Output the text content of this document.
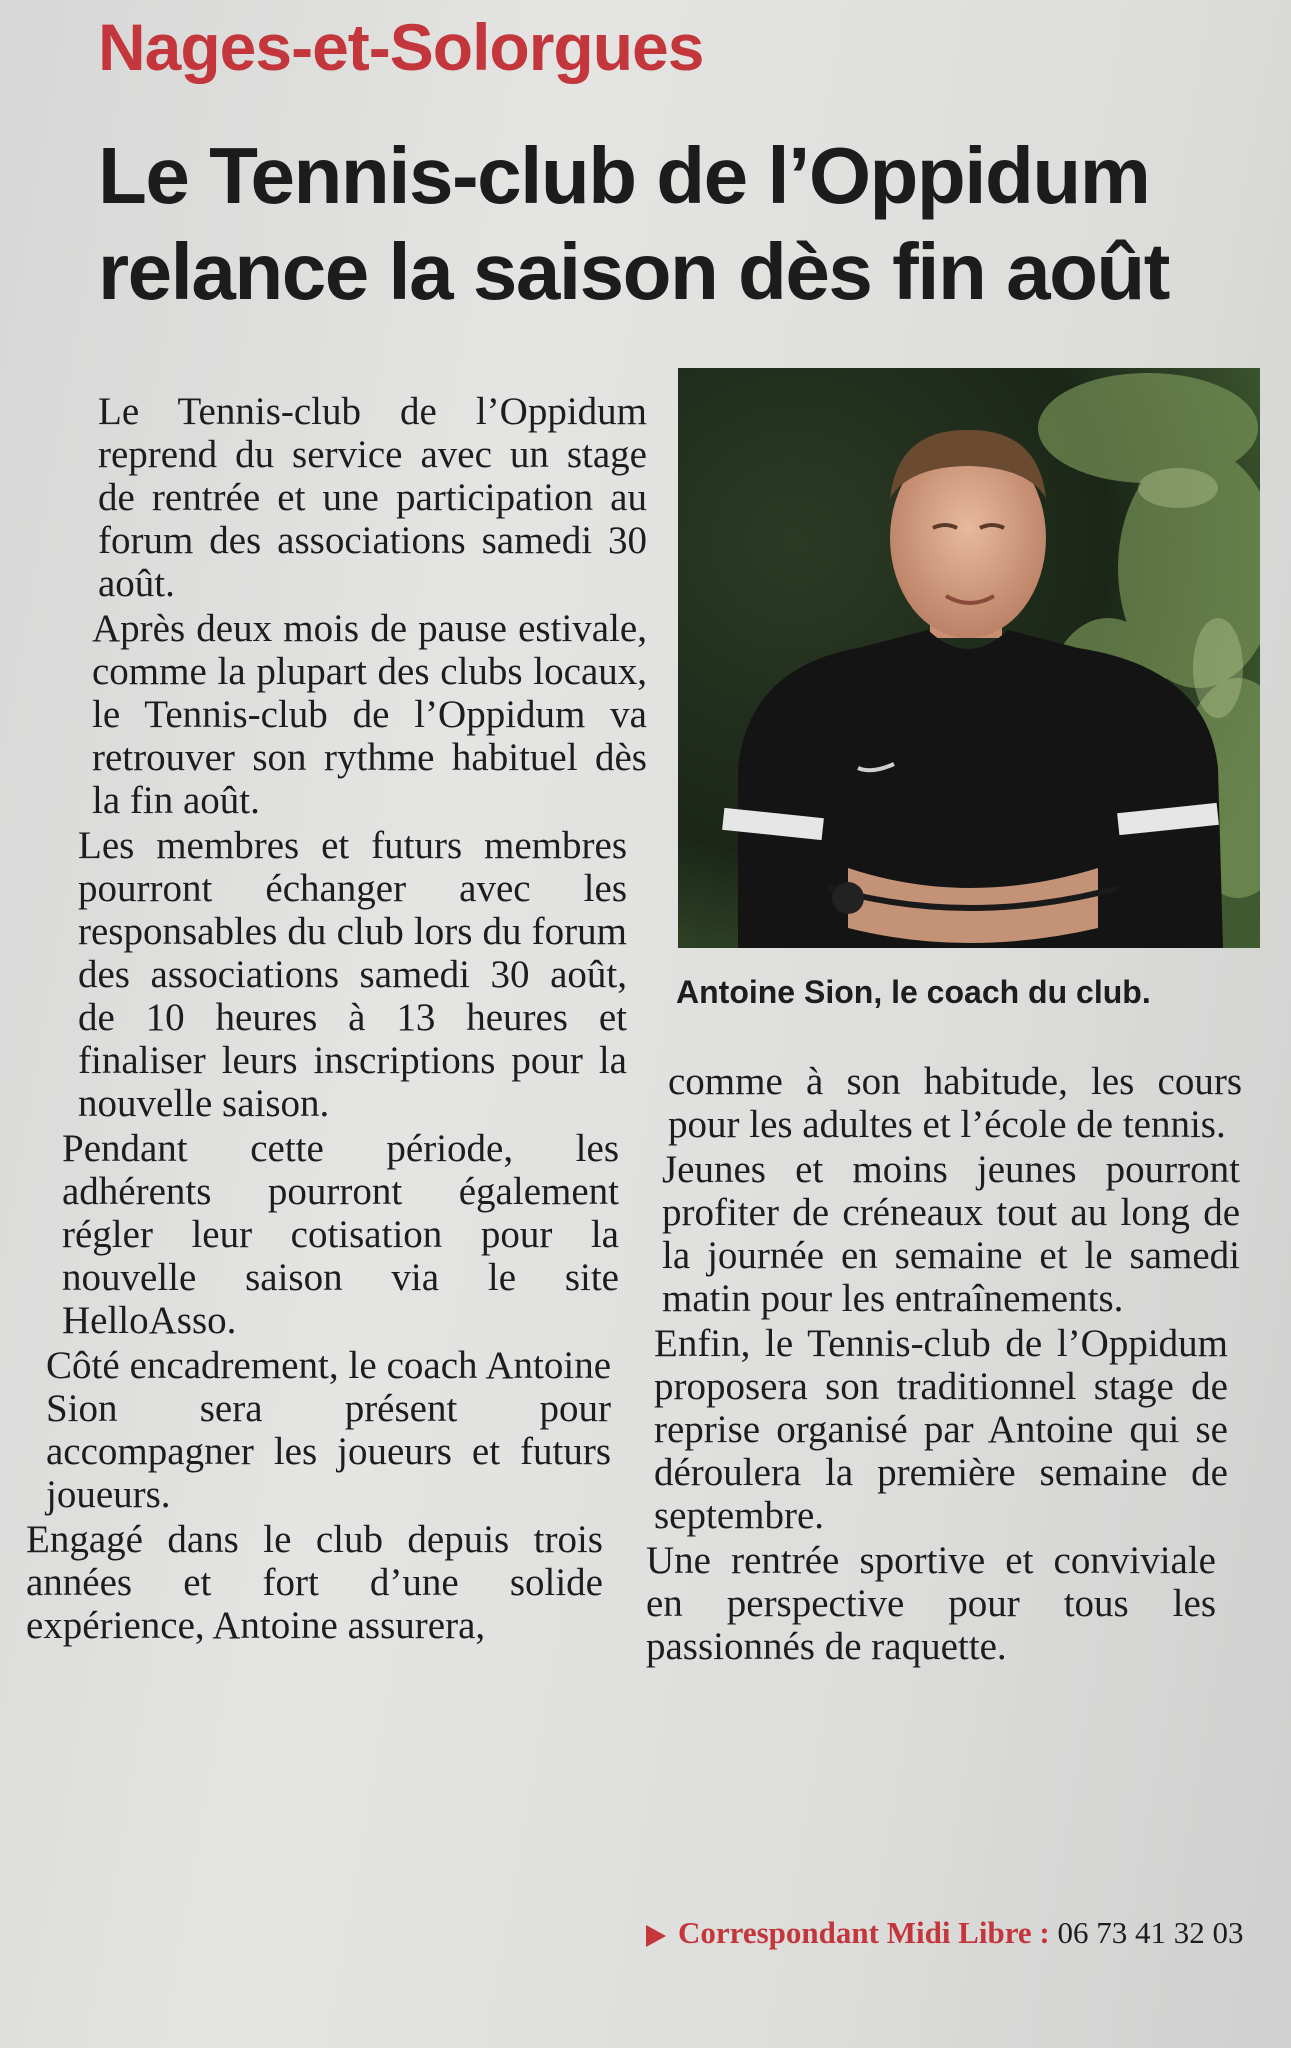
Nages-et-Solorgues
Le Tennis-club de l’Oppidum
relance la saison dès fin août

Le Tennis-club de l’Oppidum reprend du service avec un stage de rentrée et une participation au forum des associations samedi 30 août.

Après deux mois de pause estivale, comme la plupart des clubs locaux, le Tennis-club de l’Oppidum va retrouver son rythme habituel dès la fin août.

Les membres et futurs membres pourront échanger avec les responsables du club lors du forum des associations samedi 30 août, de 10 heures à 13 heures et finaliser leurs inscriptions pour la nouvelle saison.

Pendant cette période, les adhérents pourront également régler leur cotisation pour la nouvelle saison via le site HelloAsso.

Côté encadrement, le coach Antoine Sion sera présent pour accompagner les joueurs et futurs joueurs.

Engagé dans le club depuis trois années et fort d’une solide expérience, Antoine assurera,

Antoine Sion, le coach du club.

comme à son habitude, les cours pour les adultes et l’école de tennis.

Jeunes et moins jeunes pourront profiter de créneaux tout au long de la journée en semaine et le samedi matin pour les entraînements.

Enfin, le Tennis-club de l’Oppidum proposera son traditionnel stage de reprise organisé par Antoine qui se déroulera la première semaine de septembre.

Une rentrée sportive et conviviale en perspective pour tous les passionnés de raquette.

Correspondant Midi Libre : 06 73 41 32 03
